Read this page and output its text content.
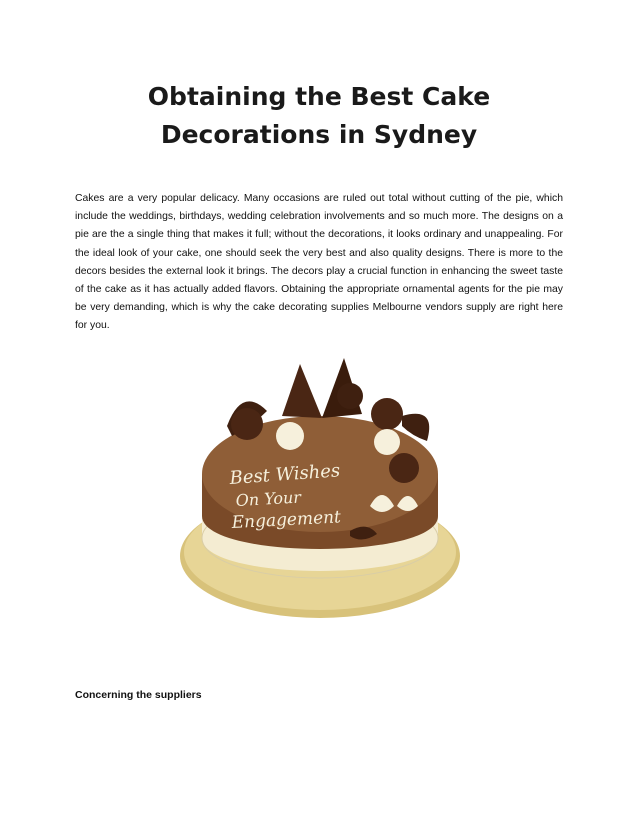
Obtaining the Best Cake Decorations in Sydney

Cakes are a very popular delicacy. Many occasions are ruled out total without cutting of the pie, which include the weddings, birthdays, wedding celebration involvements and so much more. The designs on a pie are the a single thing that makes it full; without the decorations, it looks ordinary and unappealing. For the ideal look of your cake, one should seek the very best and also quality designs. There is more to the decors besides the external look it brings. The decors play a crucial function in enhancing the sweet taste of the cake as it has actually added flavors. Obtaining the appropriate ornamental agents for the pie may be very demanding, which is why the cake decorating supplies Melbourne vendors supply are right here for you.

Best Wishes
On Your
Engagement

Concerning the suppliers
